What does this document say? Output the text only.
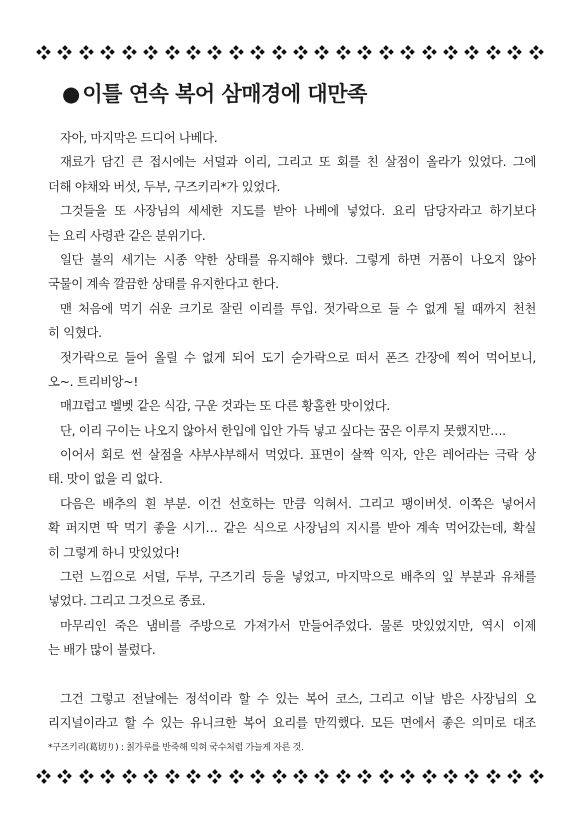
● 이틀 연속 복어 삼매경에 대만족
자아, 마지막은 드디어 나베다.
재료가 담긴 큰 접시에는 서덜과 이리, 그리고 또 회를 친 살점이 올라가 있었다. 그에
더해 야채와 버섯, 두부, 구즈키리*가 있었다.
그것들을 또 사장님의 세세한 지도를 받아 나베에 넣었다. 요리 담당자라고 하기보다
는 요리 사령관 같은 분위기다.
일단 불의 세기는 시종 약한 상태를 유지해야 했다. 그렇게 하면 거품이 나오지 않아
국물이 계속 깔끔한 상태를 유지한다고 한다.
맨 처음에 먹기 쉬운 크기로 잘린 이리를 투입. 젓가락으로 들 수 없게 될 때까지 천천
히 익혔다.
젓가락으로 들어 올릴 수 없게 되어 도기 숟가락으로 떠서 폰즈 간장에 찍어 먹어보니,
오~. 트리비앙~!
매끄럽고 벨벳 같은 식감, 구운 것과는 또 다른 황홀한 맛이었다.
단, 이리 구이는 나오지 않아서 한입에 입안 가득 넣고 싶다는 꿈은 이루지 못했지만….
이어서 회로 썬 살점을 샤부샤부해서 먹었다. 표면이 살짝 익자, 안은 레어라는 극락 상
태. 맛이 없을 리 없다.
다음은 배추의 흰 부분. 이건 선호하는 만큼 익혀서. 그리고 팽이버섯. 이쪽은 넣어서
확 퍼지면 딱 먹기 좋을 시기… 같은 식으로 사장님의 지시를 받아 계속 먹어갔는데, 확실
히 그렇게 하니 맛있었다!
그런 느낌으로 서덜, 두부, 구즈기리 등을 넣었고, 마지막으로 배추의 잎 부분과 유채를
넣었다. 그리고 그것으로 종료.
마무리인 죽은 냄비를 주방으로 가져가서 만들어주었다. 물론 맛있었지만, 역시 이제
는 배가 많이 불렀다.
그건 그렇고 전날에는 정석이라 할 수 있는 복어 코스, 그리고 이날 밤은 사장님의 오
리지널이라고 할 수 있는 유니크한 복어 요리를 만끽했다. 모든 면에서 좋은 의미로 대조
*구즈키리(葛切り) : 칡가루를 반죽해 익혀 국수처럼 가늘게 자른 것.
